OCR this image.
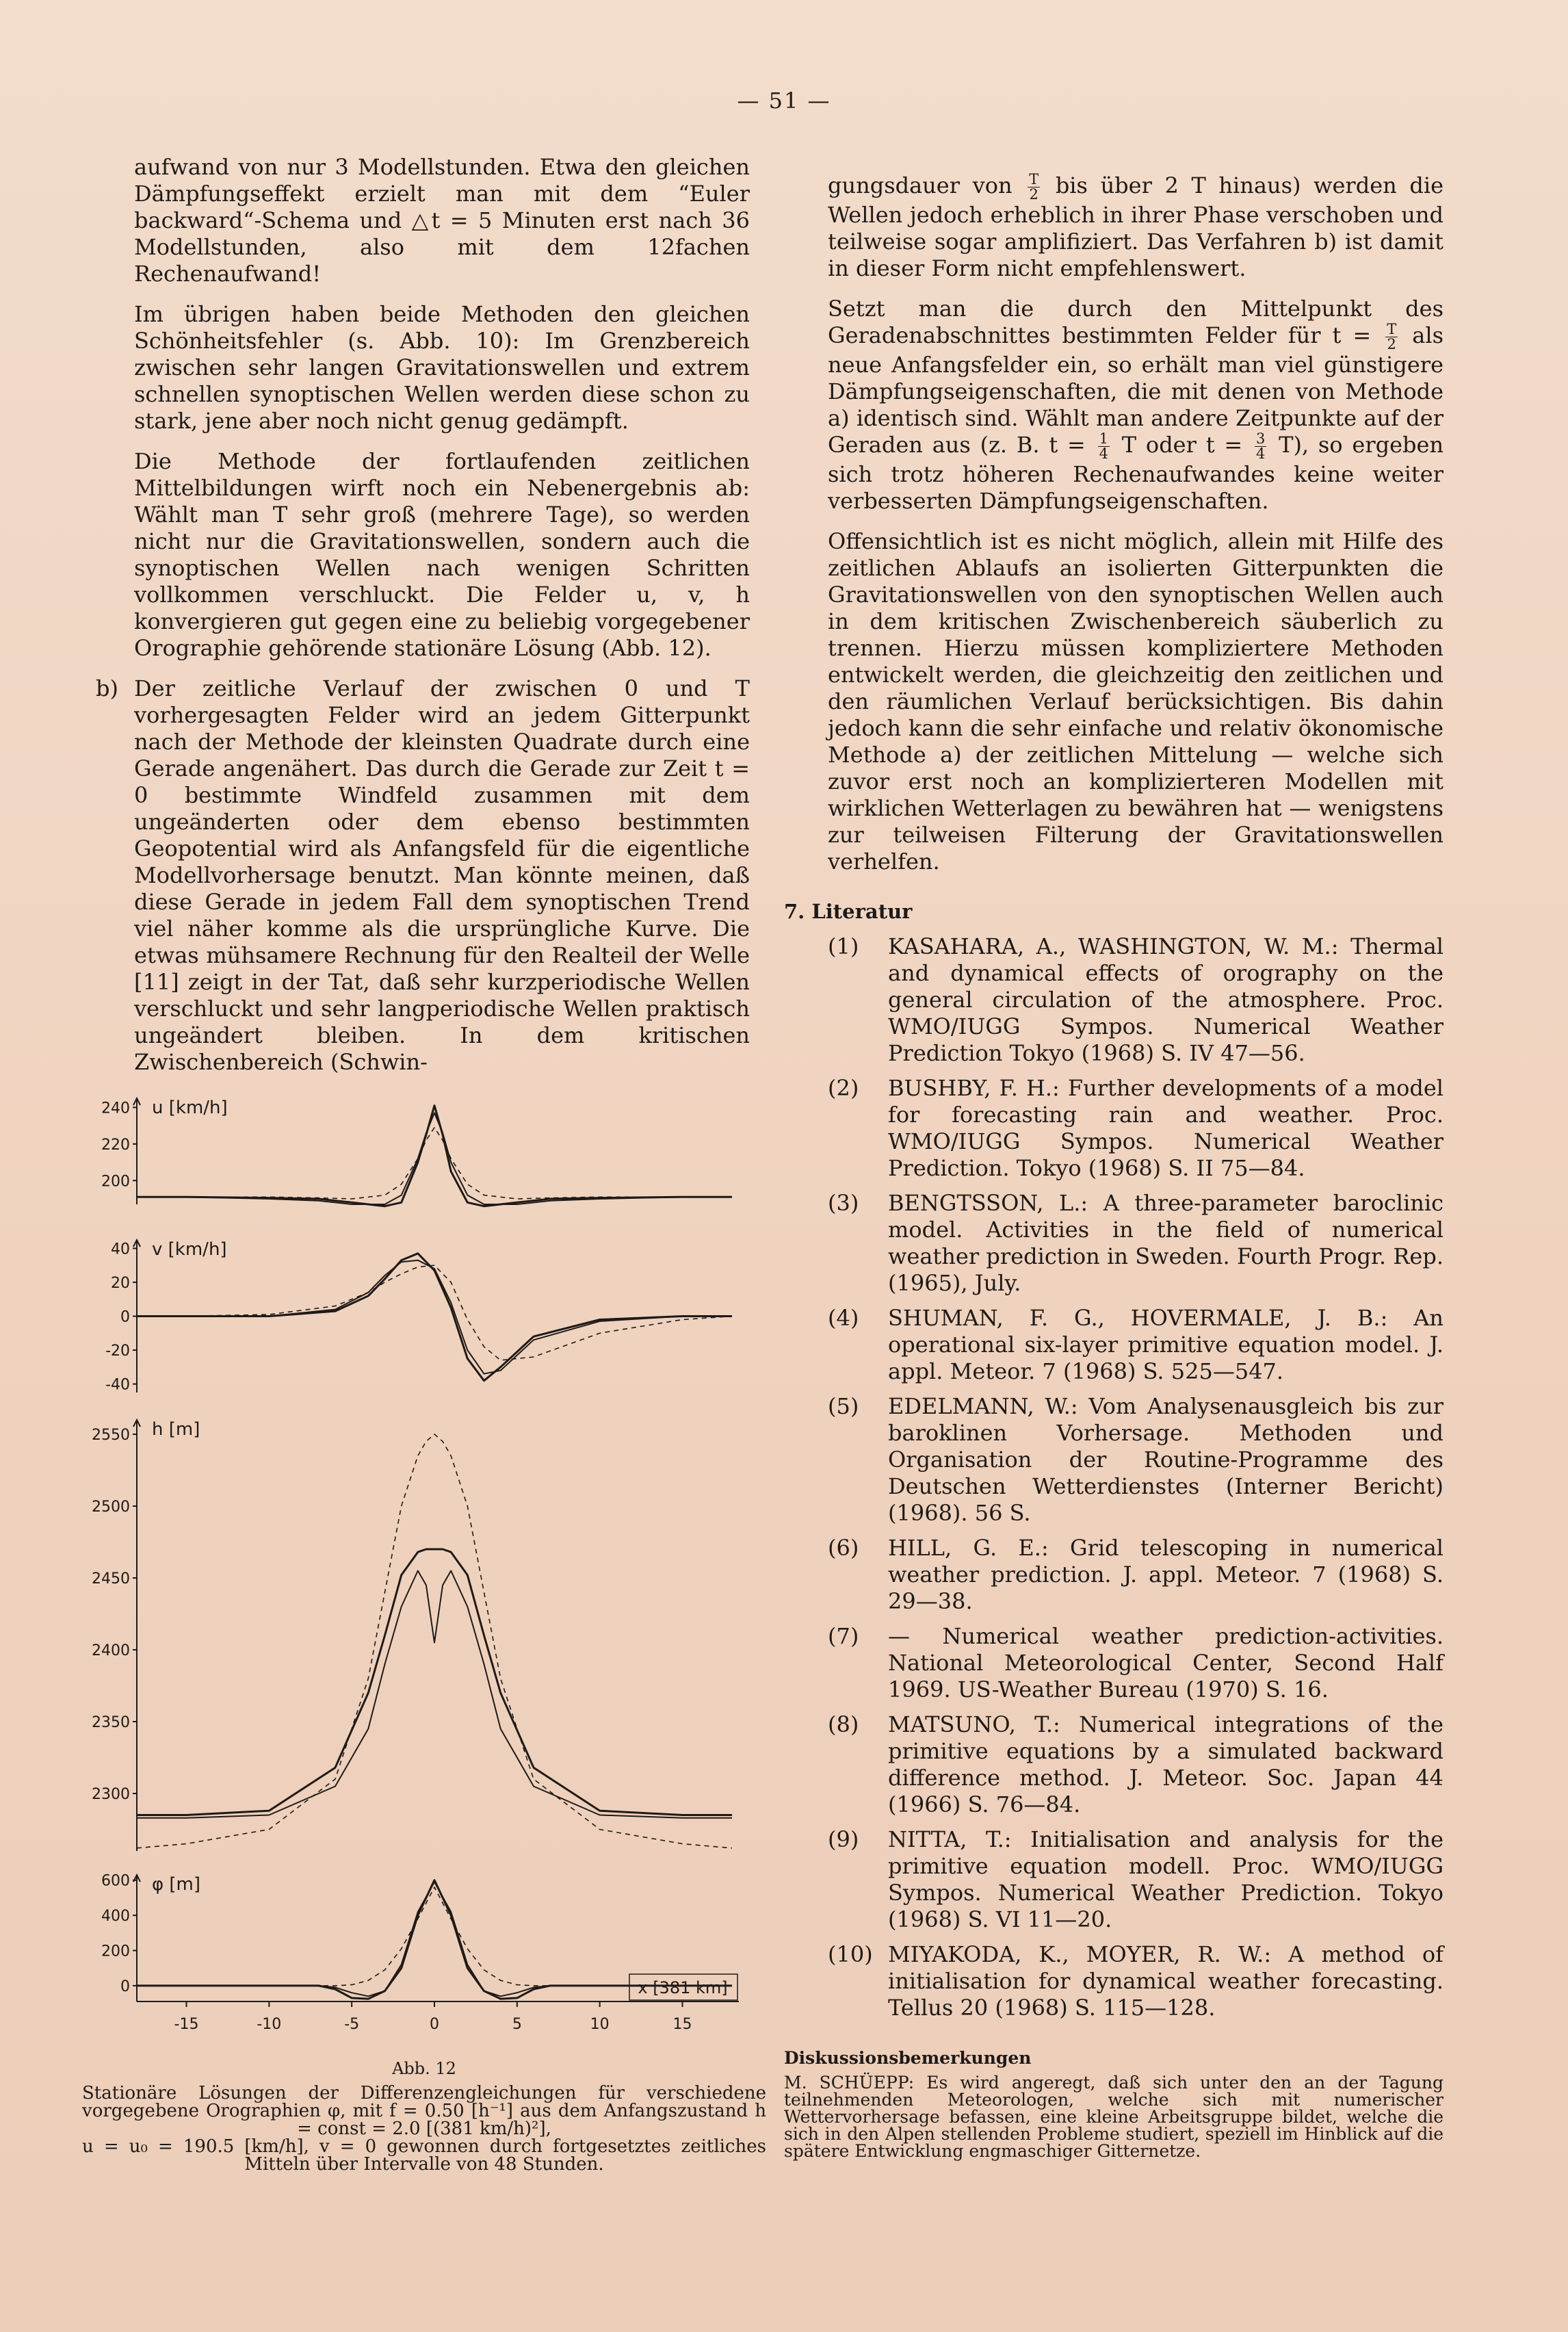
— 51 —

aufwand von nur 3 Modellstunden. Etwa den gleichen Dämpfungseffekt erzielt man mit dem “Euler backward“-Schema und △t = 5 Minuten erst nach 36 Modellstunden, also mit dem 12fachen Rechenaufwand!

Im übrigen haben beide Methoden den gleichen Schönheitsfehler (s. Abb. 10): Im Grenzbereich zwischen sehr langen Gravitationswellen und extrem schnellen synoptischen Wellen werden diese schon zu stark, jene aber noch nicht genug gedämpft.

Die Methode der fortlaufenden zeitlichen Mittelbildungen wirft noch ein Nebenergebnis ab: Wählt man T sehr groß (mehrere Tage), so werden nicht nur die Gravitationswellen, sondern auch die synoptischen Wellen nach wenigen Schritten vollkommen verschluckt. Die Felder u, v, h konvergieren gut gegen eine zu beliebig vorgegebener Orographie gehörende stationäre Lösung (Abb. 12).

b) Der zeitliche Verlauf der zwischen 0 und T vorhergesagten Felder wird an jedem Gitterpunkt nach der Methode der kleinsten Quadrate durch eine Gerade angenähert. Das durch die Gerade zur Zeit t = 0 bestimmte Windfeld zusammen mit dem ungeänderten oder dem ebenso bestimmten Geopotential wird als Anfangsfeld für die eigentliche Modellvorhersage benutzt. Man könnte meinen, daß diese Gerade in jedem Fall dem synoptischen Trend viel näher komme als die ursprüngliche Kurve. Die etwas mühsamere Rechnung für den Realteil der Welle [11] zeigt in der Tat, daß sehr kurzperiodische Wellen verschluckt und sehr langperiodische Wellen praktisch ungeändert bleiben. In dem kritischen Zwischenbereich (Schwin-

u [km/h]
240
220
200
v [km/h]
40
20
0
-20
-40
h [m]
2550
2500
2450
2400
2350
2300
φ [m]
600
400
200
0
-15	-10	-5	0	5	10	15
x [381 km]
Abb. 12
Stationäre Lösungen der Differenzengleichungen für verschiedene vorgegebene Orographien φ, mit f = 0.50 [h⁻¹] aus dem Anfangszustand h = const = 2.0 [(381 km/h)²],
u = u₀ = 190.5 [km/h], v = 0 gewonnen durch fortgesetztes zeitliches Mitteln über Intervalle von 48 Stunden.

gungsdauer von $\frac{T}{2}$ bis über 2 T hinaus) werden die Wellen jedoch erheblich in ihrer Phase verschoben und teilweise sogar amplifiziert. Das Verfahren b) ist damit in dieser Form nicht empfehlenswert.

Setzt man die durch den Mittelpunkt des Geradenabschnittes bestimmten Felder für $t = \frac{T}{2}$ als neue Anfangsfelder ein, so erhält man viel günstigere Dämpfungseigenschaften, die mit denen von Methode a) identisch sind. Wählt man andere Zeitpunkte auf der Geraden aus (z. B. $t = \frac{1}{4}$ T oder $t = \frac{3}{4} T$), so ergeben sich trotz höheren Rechenaufwandes keine weiter verbesserten Dämpfungseigenschaften.

Offensichtlich ist es nicht möglich, allein mit Hilfe des zeitlichen Ablaufs an isolierten Gitterpunkten die Gravitationswellen von den synoptischen Wellen auch in dem kritischen Zwischenbereich säuberlich zu trennen. Hierzu müssen kompliziertere Methoden entwickelt werden, die gleichzeitig den zeitlichen und den räumlichen Verlauf berücksichtigen. Bis dahin jedoch kann die sehr einfache und relativ ökonomische Methode a) der zeitlichen Mittelung — welche sich zuvor erst noch an komplizierteren Modellen mit wirklichen Wetterlagen zu bewähren hat — wenigstens zur teilweisen Filterung der Gravitationswellen verhelfen.

7. Literatur
(1) KASAHARA, A., WASHINGTON, W. M.: Thermal and dynamical effects of orography on the general circulation of the atmosphere. Proc. WMO/IUGG Sympos. Numerical Weather Prediction Tokyo (1968) S. IV 47—56.
(2) BUSHBY, F. H.: Further developments of a model for forecasting rain and weather. Proc. WMO/IUGG Sympos. Numerical Weather Prediction. Tokyo (1968) S. II 75—84.
(3) BENGTSSON, L.: A three-parameter baroclinic model. Activities in the field of numerical weather prediction in Sweden. Fourth Progr. Rep. (1965), July.
(4) SHUMAN, F. G., HOVERMALE, J. B.: An operational six-layer primitive equation model. J. appl. Meteor. 7 (1968) S. 525—547.
(5) EDELMANN, W.: Vom Analysenausgleich bis zur baroklinen Vorhersage. Methoden und Organisation der Routine-Programme des Deutschen Wetterdienstes (Interner Bericht) (1968). 56 S.
(6) HILL, G. E.: Grid telescoping in numerical weather prediction. J. appl. Meteor. 7 (1968) S. 29—38.
(7) — Numerical weather prediction-activities. National Meteorological Center, Second Half 1969. US-Weather Bureau (1970) S. 16.
(8) MATSUNO, T.: Numerical integrations of the primitive equations by a simulated backward difference method. J. Meteor. Soc. Japan 44 (1966) S. 76—84.
(9) NITTA, T.: Initialisation and analysis for the primitive equation modell. Proc. WMO/IUGG Sympos. Numerical Weather Prediction. Tokyo (1968) S. VI 11—20.
(10) MIYAKODA, K., MOYER, R. W.: A method of initialisation for dynamical weather forecasting. Tellus 20 (1968) S. 115—128.
Diskussionsbemerkungen
M. SCHÜEPP: Es wird angeregt, daß sich unter den an der Tagung teilnehmenden Meteorologen, welche sich mit numerischer Wettervorhersage befassen, eine kleine Arbeitsgruppe bildet, welche die sich in den Alpen stellenden Probleme studiert, speziell im Hinblick auf die spätere Entwicklung engmaschiger Gitternetze.
